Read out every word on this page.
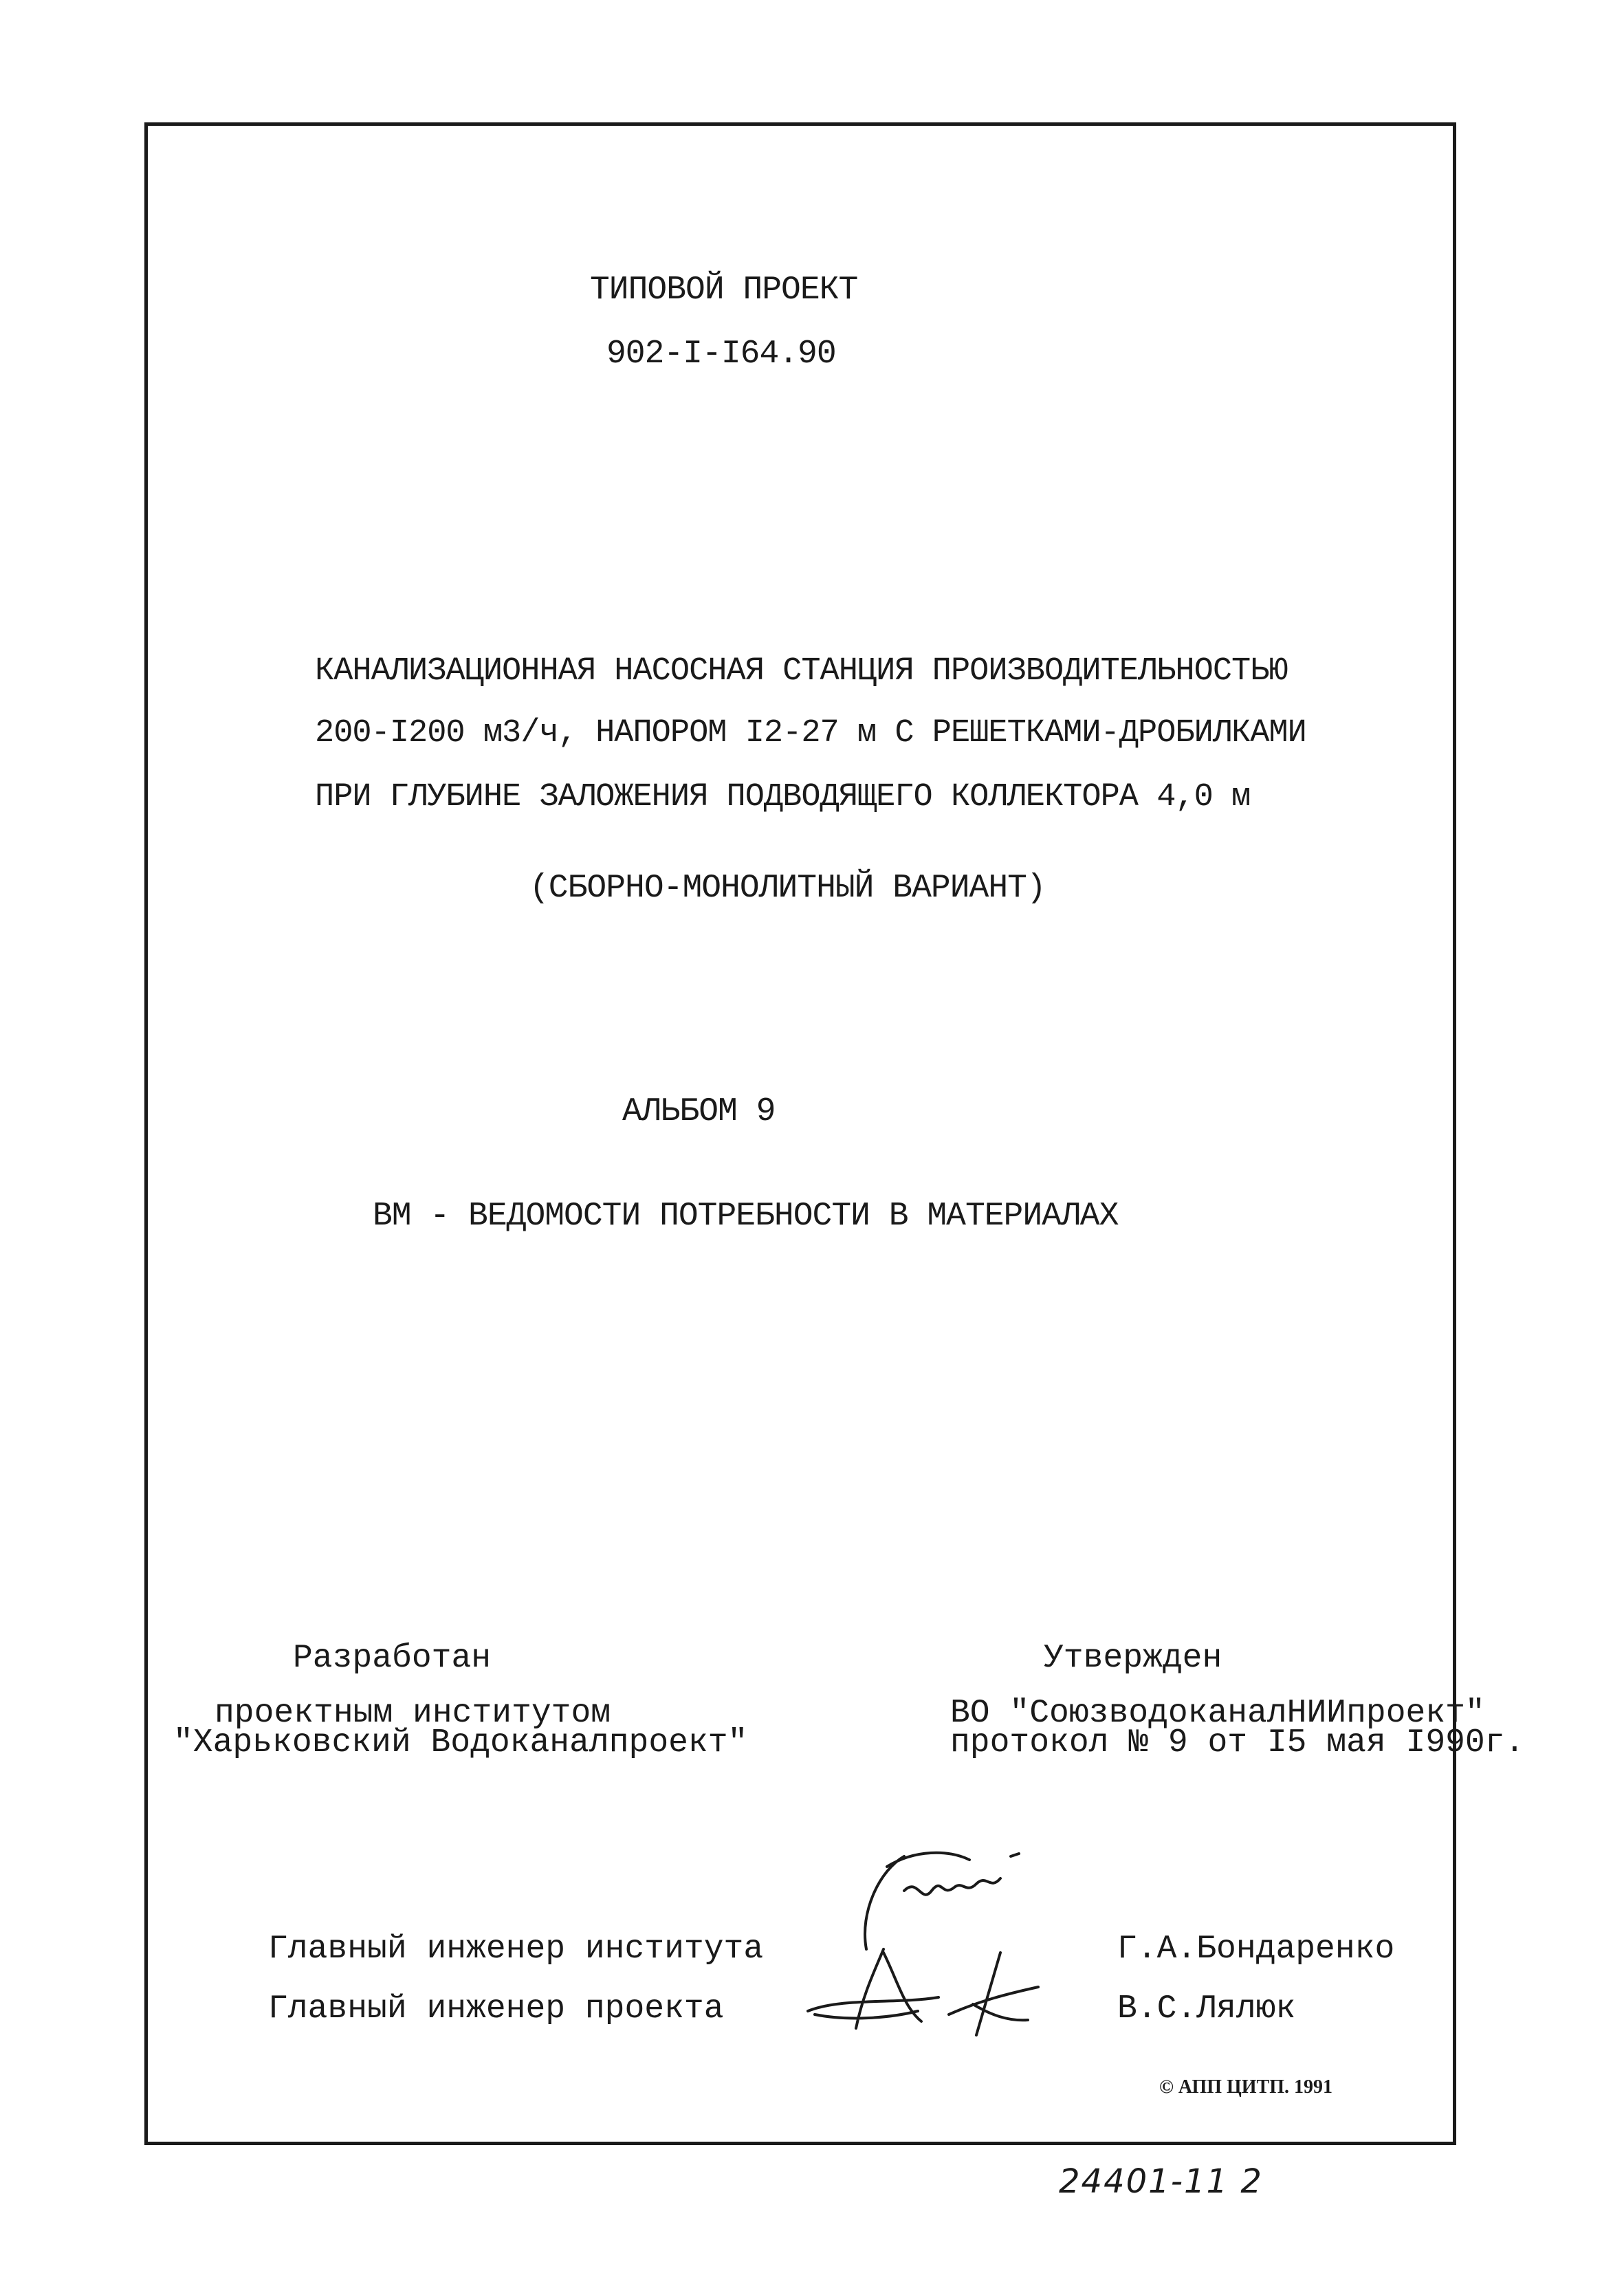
ТИПОВОЙ ПРОЕКТ

902-I-I64.90

КАНАЛИЗАЦИОННАЯ НАСОСНАЯ СТАНЦИЯ ПРОИЗВОДИТЕЛЬНОСТЬЮ

200-I200 м3/ч, НАПОРОМ I2-27 м С РЕШЕТКАМИ-ДРОБИЛКАМИ

ПРИ ГЛУБИНЕ ЗАЛОЖЕНИЯ ПОДВОДЯЩЕГО КОЛЛЕКТОРА 4,0 м

(СБОРНО-МОНОЛИТНЫЙ ВАРИАНТ)

АЛЬБОМ 9

ВМ - ВЕДОМОСТИ ПОТРЕБНОСТИ В МАТЕРИАЛАХ

Разработан

проектным институтом

"Харьковский Водоканалпроект"

Утвержден

ВО "СоюзводоканалНИИпроект"

протокол № 9 от I5 мая I990г.

Главный инженер института	Г.А.Бондаренко

Главный инженер проекта	В.С.Лялюк

© АПП ЦИТП. 1991

24401-11 2
